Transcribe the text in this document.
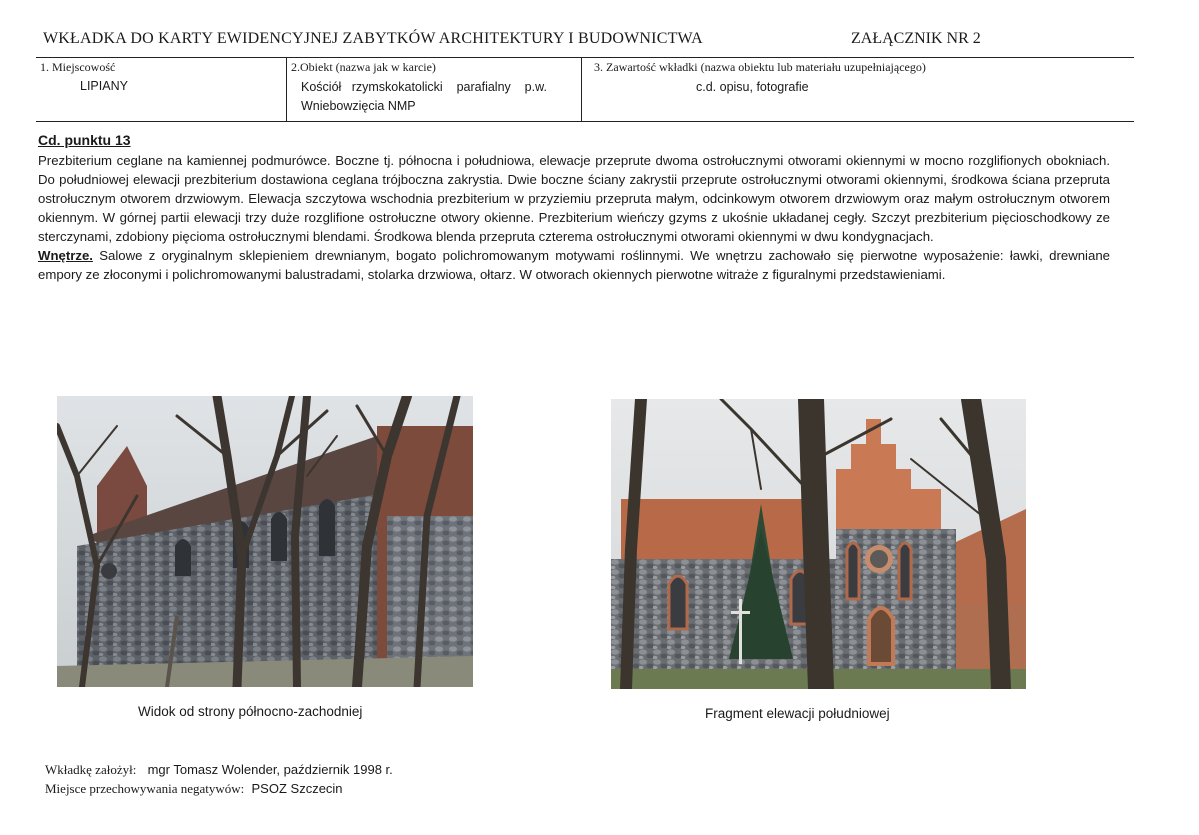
WKŁADKA DO KARTY EWIDENCYJNEJ ZABYTKÓW ARCHITEKTURY I BUDOWNICTWA	ZAŁĄCZNIK NR 2
1. Miejscowość
LIPIANY
2.Obiekt (nazwa jak w karcie)
Kościół   rzymskokatolicki    parafialny    p.w.
Wniebowzięcia NMP
3. Zawartość wkładki (nazwa obiektu lub materiału uzupełniającego)
c.d. opisu, fotografie
Cd. punktu 13
Prezbiterium ceglane na kamiennej podmurówce. Boczne tj. północna i południowa, elewacje przeprute dwoma ostrołucznymi otworami okiennymi w mocno rozglifionych obokniach. Do południowej elewacji prezbiterium dostawiona ceglana trójboczna zakrystia. Dwie boczne ściany zakrystii przeprute ostrołucznymi otworami okiennymi, środkowa ściana przepruta ostrołucznym otworem drzwiowym. Elewacja szczytowa wschodnia prezbiterium w przyziemiu przepruta małym, odcinkowym otworem drzwiowym oraz małym ostrołucznym otworem okiennym. W górnej partii elewacji trzy duże rozglifione ostrołuczne otwory okienne. Prezbiterium wieńczy gzyms z ukośnie układanej cegły. Szczyt prezbiterium pięcioschodkowy ze sterczynami, zdobiony pięcioma ostrołucznymi blendami. Środkowa blenda przepruta czterema ostrołucznymi otworami okiennymi w dwu kondygnacjach.
Wnętrze. Salowe z oryginalnym sklepieniem drewnianym, bogato polichromowanym motywami roślinnymi. We wnętrzu zachowało się pierwotne wyposażenie: ławki, drewniane empory ze złoconymi i polichromowanymi balustradami, stolarka drzwiowa, ołtarz. W otworach okiennych pierwotne witraże z figuralnymi przedstawieniami.
Widok od strony północno-zachodniej	Fragment elewacji południowej
Wkładkę założył: mgr Tomasz Wolender, październik 1998 r.
Miejsce przechowywania negatywów: PSOZ Szczecin
